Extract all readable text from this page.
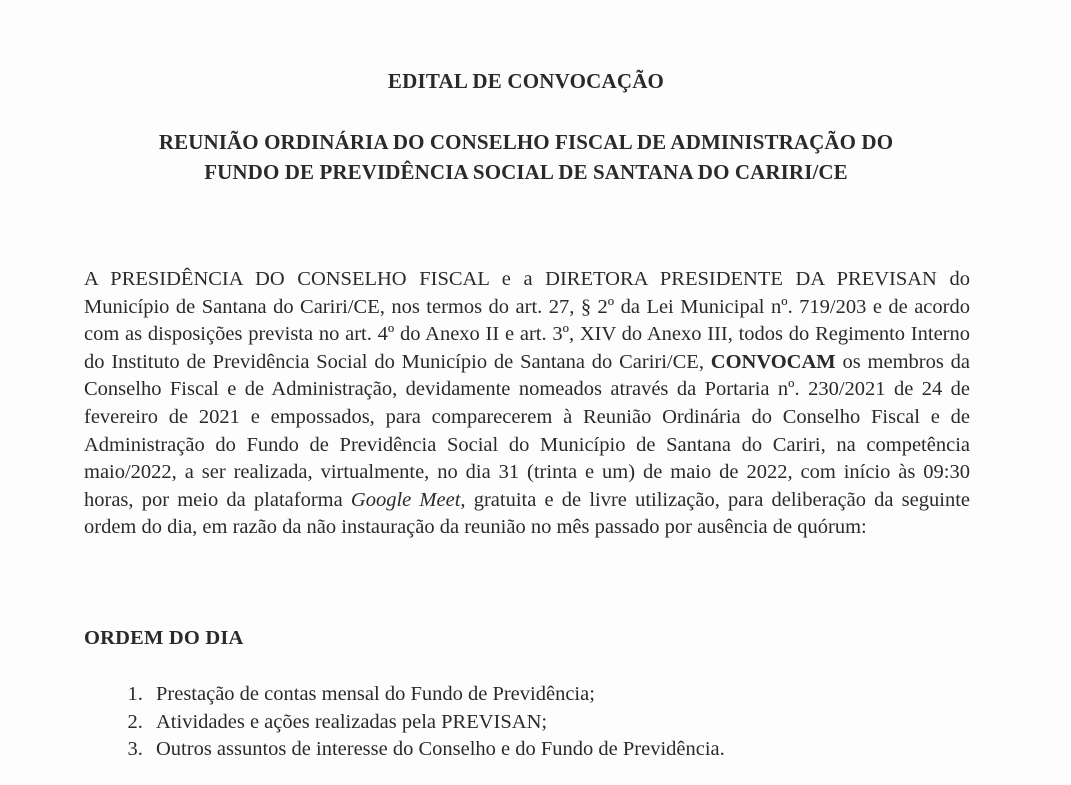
EDITAL DE CONVOCAÇÃO
REUNIÃO ORDINÁRIA DO CONSELHO FISCAL DE ADMINISTRAÇÃO DO
FUNDO DE PREVIDÊNCIA SOCIAL DE SANTANA DO CARIRI/CE

A PRESIDÊNCIA DO CONSELHO FISCAL e a DIRETORA PRESIDENTE DA PREVISAN do Município de Santana do Cariri/CE, nos termos do art. 27, § 2º da Lei Municipal nº. 719/203 e de acordo com as disposições prevista no art. 4º do Anexo II e art. 3º, XIV do Anexo III, todos do Regimento Interno do Instituto de Previdência Social do Município de Santana do Cariri/CE, CONVOCAM os membros da Conselho Fiscal e de Administração, devidamente nomeados através da Portaria nº. 230/2021 de 24 de fevereiro de 2021 e empossados, para comparecerem à Reunião Ordinária do Conselho Fiscal e de Administração do Fundo de Previdência Social do Município de Santana do Cariri, na competência maio/2022, a ser realizada, virtualmente, no dia 31 (trinta e um) de maio de 2022, com início às 09:30 horas, por meio da plataforma Google Meet, gratuita e de livre utilização, para deliberação da seguinte ordem do dia, em razão da não instauração da reunião no mês passado por ausência de quórum:

ORDEM DO DIA
1. Prestação de contas mensal do Fundo de Previdência;
2. Atividades e ações realizadas pela PREVISAN;
3. Outros assuntos de interesse do Conselho e do Fundo de Previdência.
